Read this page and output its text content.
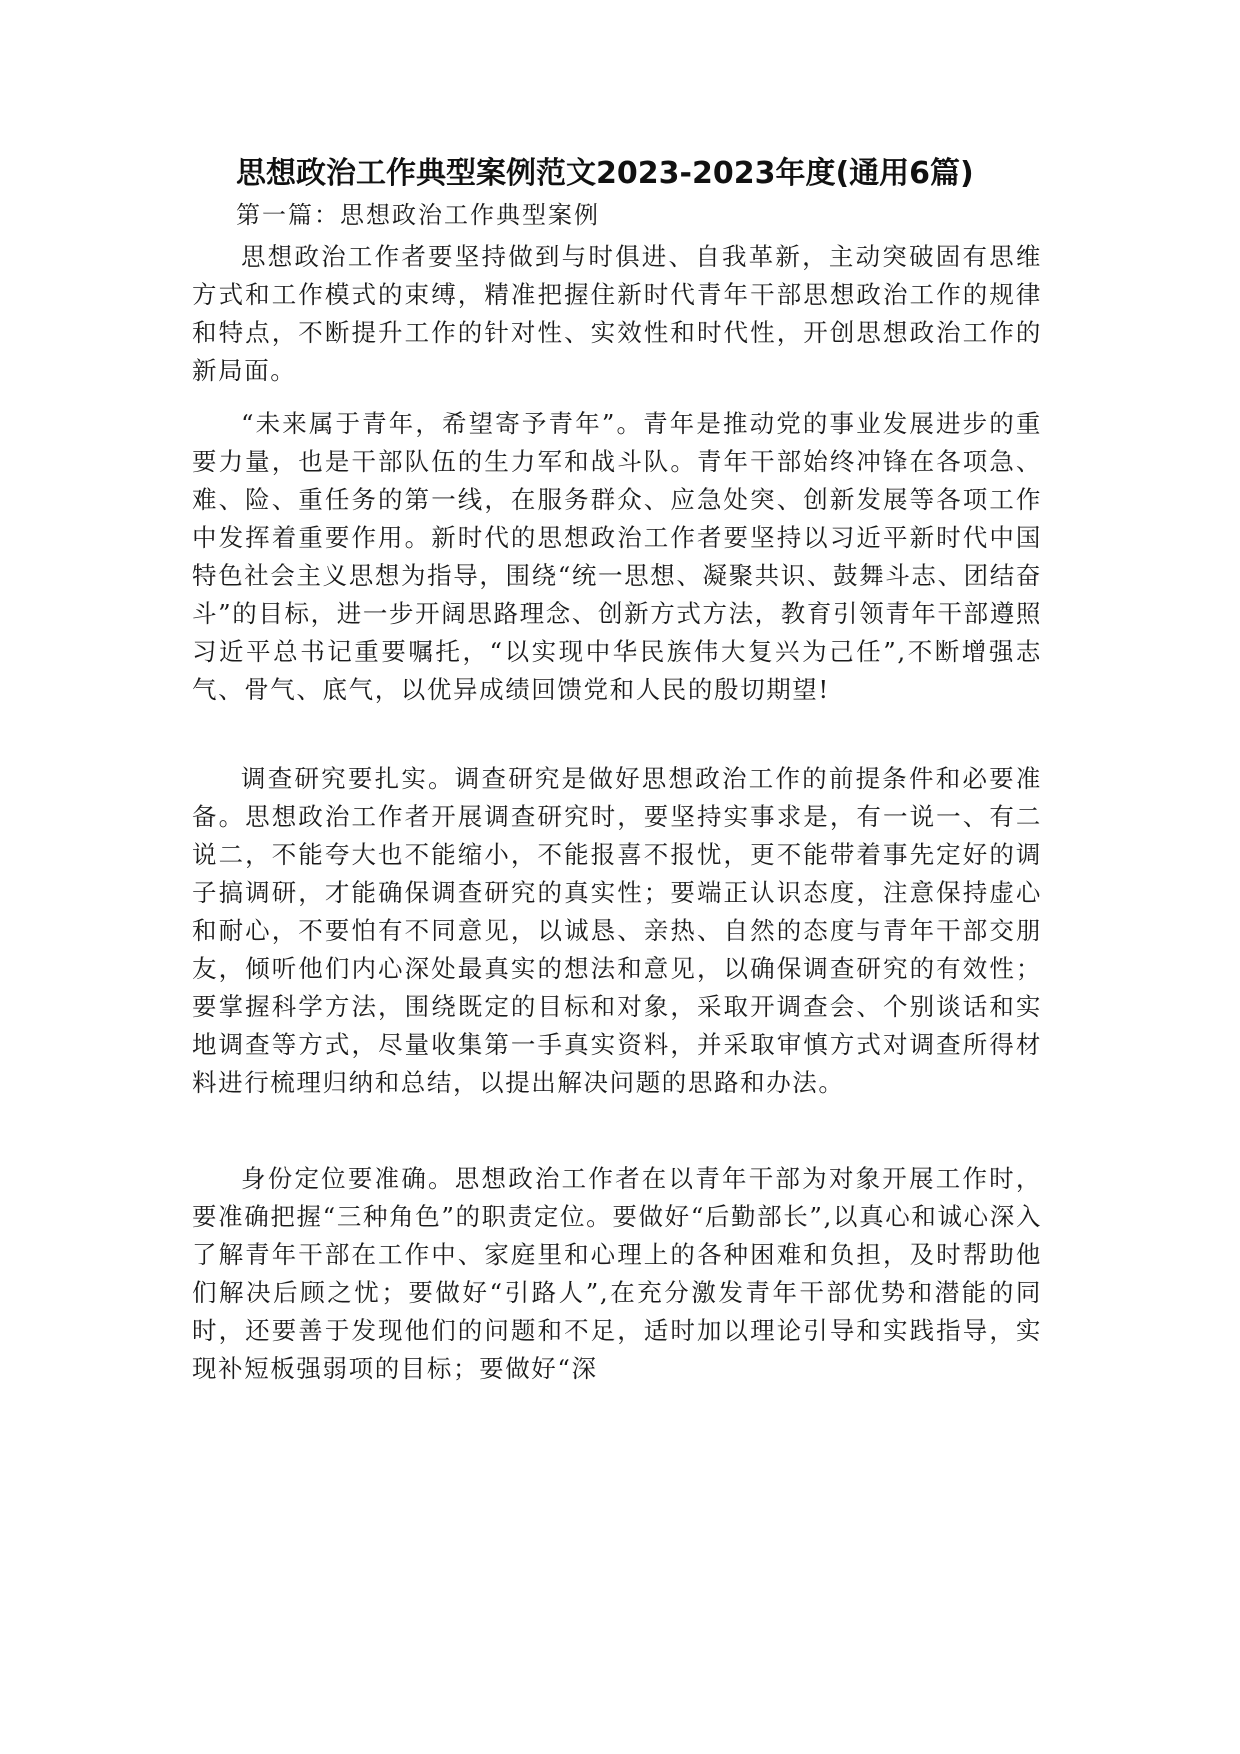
思想政治工作典型案例范文2023-2023年度(通用6篇)

第一篇：思想政治工作典型案例

思想政治工作者要坚持做到与时俱进、自我革新，主动突破固有思维方式和工作模式的束缚，精准把握住新时代青年干部思想政治工作的规律和特点，不断提升工作的针对性、实效性和时代性，开创思想政治工作的新局面。

“未来属于青年，希望寄予青年”。青年是推动党的事业发展进步的重要力量，也是干部队伍的生力军和战斗队。青年干部始终冲锋在各项急、难、险、重任务的第一线，在服务群众、应急处突、创新发展等各项工作中发挥着重要作用。新时代的思想政治工作者要坚持以习近平新时代中国特色社会主义思想为指导，围绕“统一思想、凝聚共识、鼓舞斗志、团结奋斗”的目标，进一步开阔思路理念、创新方式方法，教育引领青年干部遵照习近平总书记重要嘱托，“以实现中华民族伟大复兴为己任”,不断增强志气、骨气、底气，以优异成绩回馈党和人民的殷切期望!

调查研究要扎实。调查研究是做好思想政治工作的前提条件和必要准备。思想政治工作者开展调查研究时，要坚持实事求是，有一说一、有二说二，不能夸大也不能缩小，不能报喜不报忧，更不能带着事先定好的调子搞调研，才能确保调查研究的真实性；要端正认识态度，注意保持虚心和耐心，不要怕有不同意见，以诚恳、亲热、自然的态度与青年干部交朋友，倾听他们内心深处最真实的想法和意见，以确保调查研究的有效性；要掌握科学方法，围绕既定的目标和对象，采取开调查会、个别谈话和实地调查等方式，尽量收集第一手真实资料，并采取审慎方式对调查所得材料进行梳理归纳和总结，以提出解决问题的思路和办法。

身份定位要准确。思想政治工作者在以青年干部为对象开展工作时，要准确把握“三种角色”的职责定位。要做好“后勤部长”,以真心和诚心深入了解青年干部在工作中、家庭里和心理上的各种困难和负担，及时帮助他们解决后顾之忧；要做好“引路人”,在充分激发青年干部优势和潜能的同时，还要善于发现他们的问题和不足，适时加以理论引导和实践指导，实现补短板强弱项的目标；要做好“深
